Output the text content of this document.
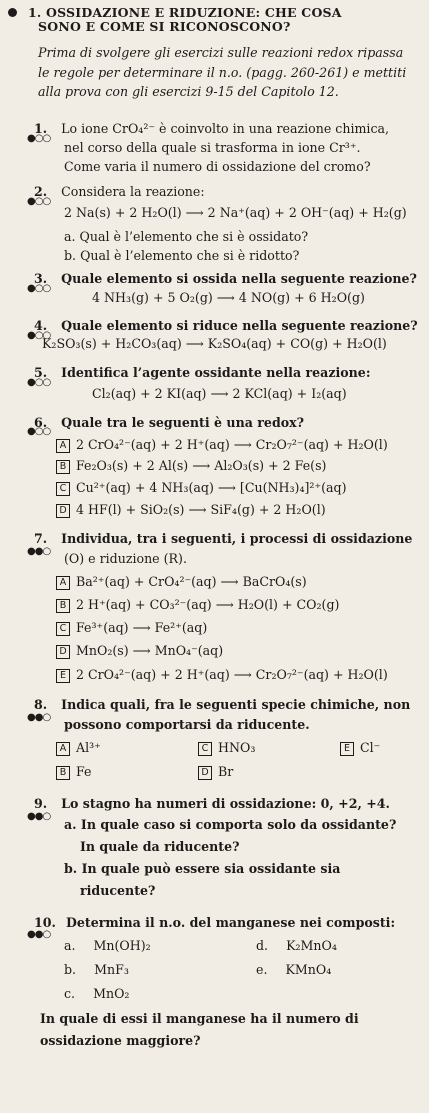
1. OSSIDAZIONE E RIDUZIONE: CHE COSA
SONO E COME SI RICONOSCONO?
Prima di svolgere gli esercizi sulle reazioni redox ripassa le regole per determinare il n.o. (pagg. 260-261) e mettiti alla prova con gli esercizi 9-15 del Capitolo 12.
1. Lo ione CrO₄²⁻ è coinvolto in una reazione chimica,
●○○
nel corso della quale si trasforma in ione Cr³⁺.
Come varia il numero di ossidazione del cromo?
2. Considera la reazione:
●○○
2 Na(s) + 2 H₂O(l) ⟶ 2 Na⁺(aq) + 2 OH⁻(aq) + H₂(g)
a. Qual è l’elemento che si è ossidato?
b. Qual è l’elemento che si è ridotto?
3. Quale elemento si ossida nella seguente reazione?
●○○
4 NH₃(g) + 5 O₂(g) ⟶ 4 NO(g) + 6 H₂O(g)
4. Quale elemento si riduce nella seguente reazione?
●○○
K₂SO₃(s) + H₂CO₃(aq) ⟶ K₂SO₄(aq) + CO(g) + H₂O(l)
5. Identifica l’agente ossidante nella reazione:
●○○
Cl₂(aq) + 2 KI(aq) ⟶ 2 KCl(aq) + I₂(aq)
6. Quale tra le seguenti è una redox?
●○○
A 2 CrO₄²⁻(aq) + 2 H⁺(aq) ⟶ Cr₂O₇²⁻(aq) + H₂O(l)
B Fe₂O₃(s) + 2 Al(s) ⟶ Al₂O₃(s) + 2 Fe(s)
C Cu²⁺(aq) + 4 NH₃(aq) ⟶ [Cu(NH₃)₄]²⁺(aq)
D 4 HF(l) + SiO₂(s) ⟶ SiF₄(g) + 2 H₂O(l)
7. Individua, tra i seguenti, i processi di ossidazione
●●○ (O) e riduzione (R).
A Ba²⁺(aq) + CrO₄²⁻(aq) ⟶ BaCrO₄(s)
B 2 H⁺(aq) + CO₃²⁻(aq) ⟶ H₂O(l) + CO₂(g)
C Fe³⁺(aq) ⟶ Fe²⁺(aq)
D MnO₂(s) ⟶ MnO₄⁻(aq)
E 2 CrO₄²⁻(aq) + 2 H⁺(aq) ⟶ Cr₂O₇²⁻(aq) + H₂O(l)
8. Indica quali, fra le seguenti specie chimiche, non
●●○ possono comportarsi da riducente.
A Al³⁺	C HNO₃	E Cl⁻
B Fe	D Br
9. Lo stagno ha numeri di ossidazione: 0, +2, +4.
●●○
a. In quale caso si comporta solo da ossidante?
In quale da riducente?
b. In quale può essere sia ossidante sia
riducente?
10. Determina il n.o. del manganese nei composti:
●●○
a. Mn(OH)₂	d. K₂MnO₄
b. MnF₃	e. KMnO₄
c. MnO₂
In quale di essi il manganese ha il numero di
ossidazione maggiore?
